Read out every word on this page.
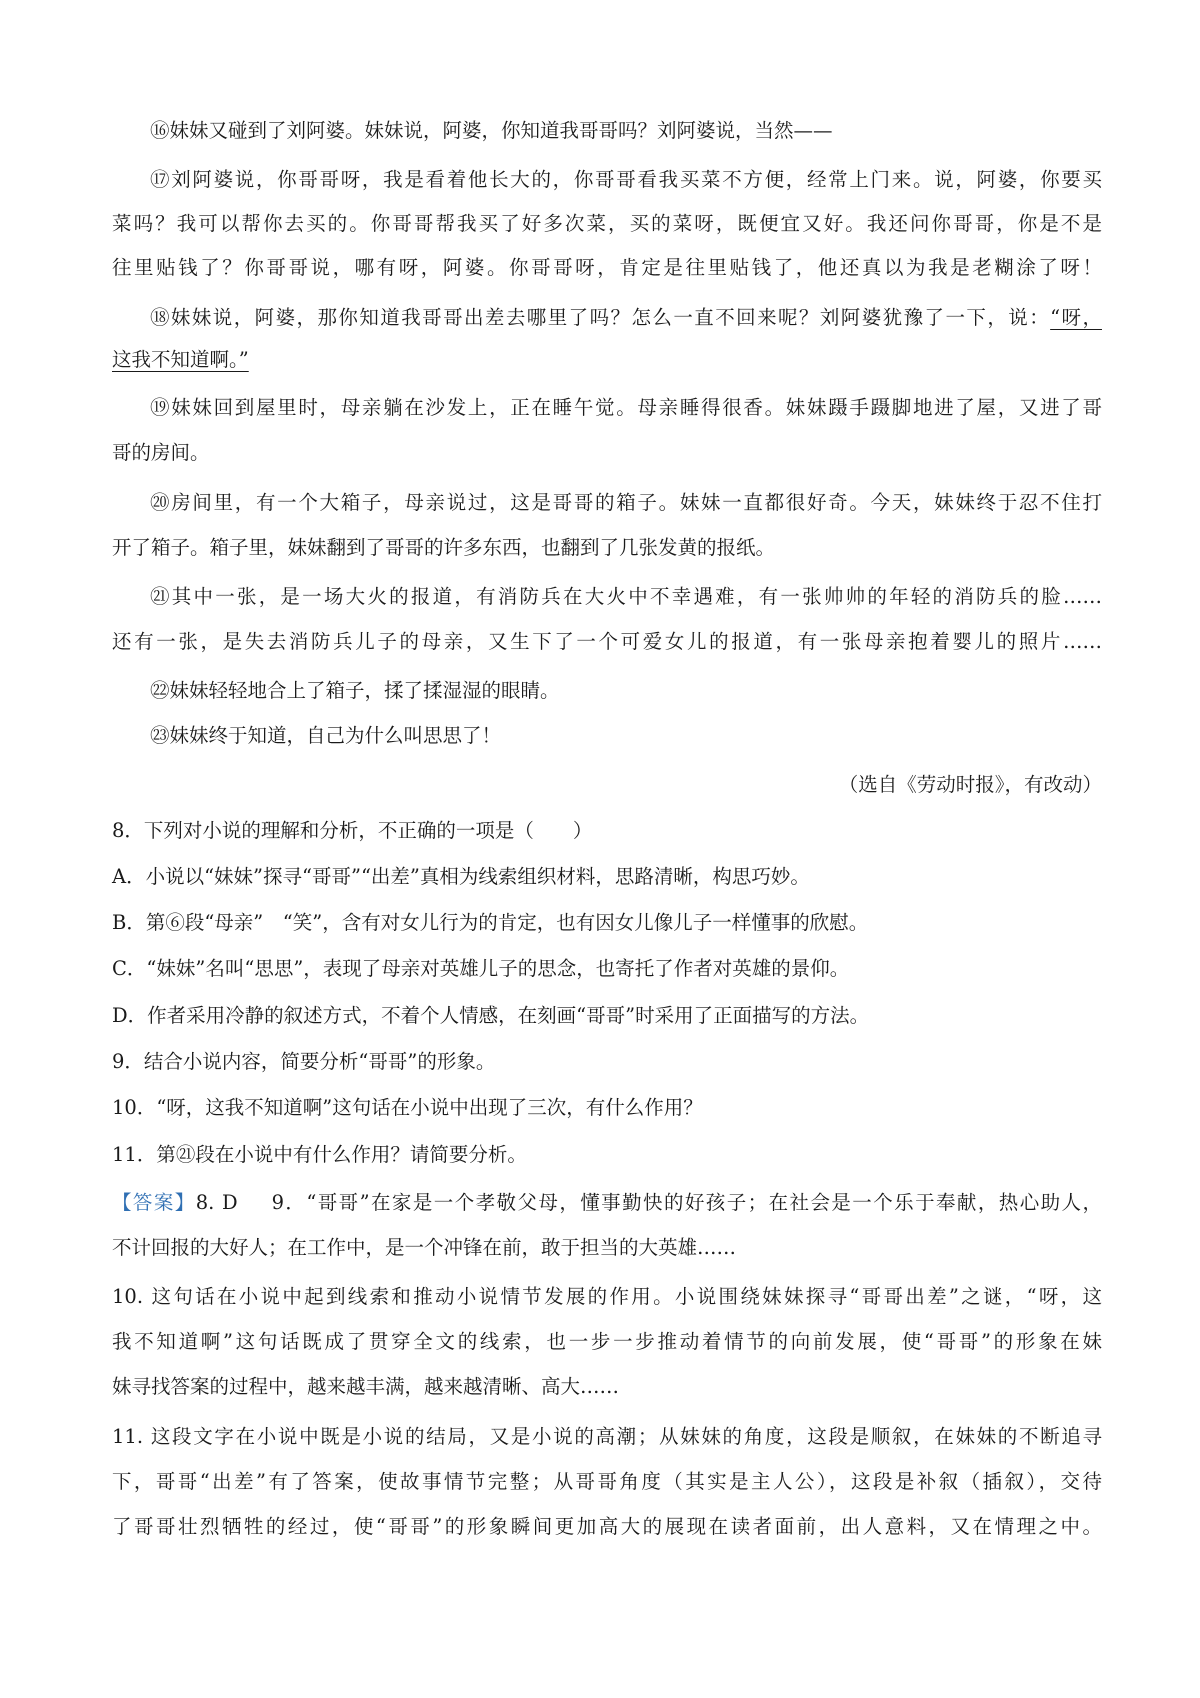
⑯妹妹又碰到了刘阿婆。妹妹说，阿婆，你知道我哥哥吗？刘阿婆说，当然——
⑰刘阿婆说，你哥哥呀，我是看着他长大的，你哥哥看我买菜不方便，经常上门来。说，阿婆，你要买
菜吗？我可以帮你去买的。你哥哥帮我买了好多次菜，买的菜呀，既便宜又好。我还问你哥哥，你是不是
往里贴钱了？你哥哥说，哪有呀，阿婆。你哥哥呀，肯定是往里贴钱了，他还真以为我是老糊涂了呀！
⑱妹妹说，阿婆，那你知道我哥哥出差去哪里了吗？怎么一直不回来呢？刘阿婆犹豫了一下，说：“呀，
这我不知道啊。”
⑲妹妹回到屋里时，母亲躺在沙发上，正在睡午觉。母亲睡得很香。妹妹蹑手蹑脚地进了屋，又进了哥
哥的房间。
⑳房间里，有一个大箱子，母亲说过，这是哥哥的箱子。妹妹一直都很好奇。今天，妹妹终于忍不住打
开了箱子。箱子里，妹妹翻到了哥哥的许多东西，也翻到了几张发黄的报纸。
㉑其中一张，是一场大火的报道，有消防兵在大火中不幸遇难，有一张帅帅的年轻的消防兵的脸……
还有一张，是失去消防兵儿子的母亲，又生下了一个可爱女儿的报道，有一张母亲抱着婴儿的照片……
㉒妹妹轻轻地合上了箱子，揉了揉湿湿的眼睛。
㉓妹妹终于知道，自己为什么叫思思了！
（选自《劳动时报》，有改动）
8．下列对小说的理解和分析，不正确的一项是（　　）
A．小说以“妹妹”探寻“哥哥”“出差”真相为线索组织材料，思路清晰，构思巧妙。
B．第⑥段“母亲”　“笑”，含有对女儿行为的肯定，也有因女儿像儿子一样懂事的欣慰。
C．“妹妹”名叫“思思”，表现了母亲对英雄儿子的思念，也寄托了作者对英雄的景仰。
D．作者采用冷静的叙述方式，不着个人情感，在刻画“哥哥”时采用了正面描写的方法。
9．结合小说内容，简要分析“哥哥”的形象。
10．“呀，这我不知道啊”这句话在小说中出现了三次，有什么作用？
11．第㉑段在小说中有什么作用？请简要分析。
【答案】8. D 9．“哥哥”在家是一个孝敬父母，懂事勤快的好孩子；在社会是一个乐于奉献，热心助人，
不计回报的大好人；在工作中，是一个冲锋在前，敢于担当的大英雄……
10. 这句话在小说中起到线索和推动小说情节发展的作用。小说围绕妹妹探寻“哥哥出差”之谜，“呀，这
我不知道啊”这句话既成了贯穿全文的线索，也一步一步推动着情节的向前发展，使“哥哥”的形象在妹
妹寻找答案的过程中，越来越丰满，越来越清晰、高大……
11. 这段文字在小说中既是小说的结局，又是小说的高潮；从妹妹的角度，这段是顺叙，在妹妹的不断追寻
下，哥哥“出差”有了答案，使故事情节完整；从哥哥角度（其实是主人公），这段是补叙（插叙），交待
了哥哥壮烈牺牲的经过，使“哥哥”的形象瞬间更加高大的展现在读者面前，出人意料，又在情理之中。
